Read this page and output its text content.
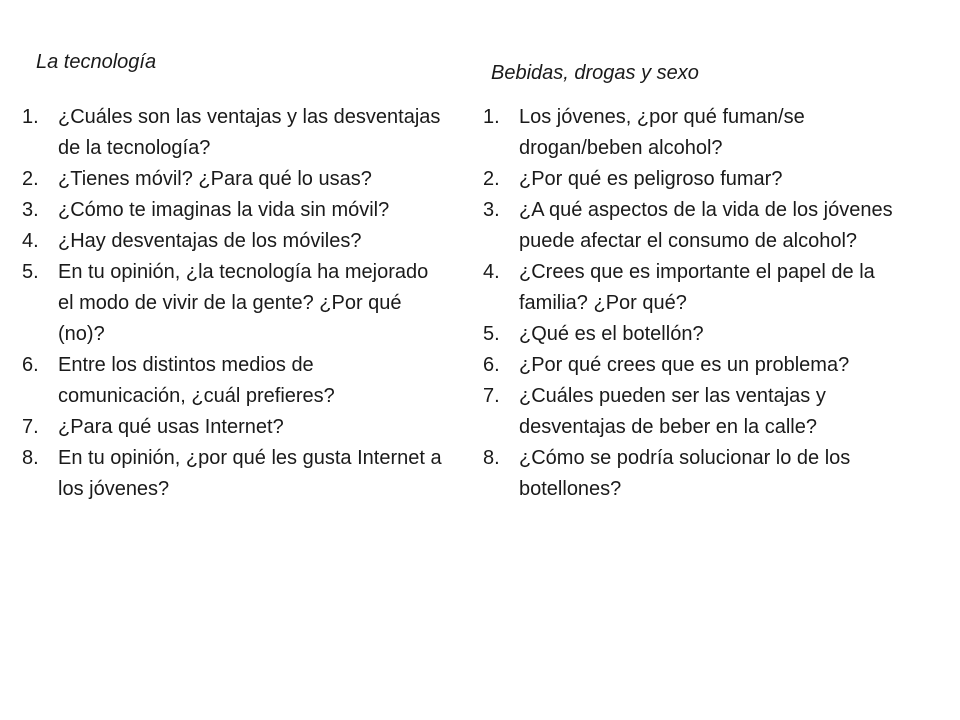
La tecnología	Bebidas, drogas y sexo
1. ¿Cuáles son las ventajas y las desventajas de la tecnología?
2. ¿Tienes móvil? ¿Para qué lo usas?
3. ¿Cómo te imaginas la vida sin móvil?
4. ¿Hay desventajas de los móviles?
5. En tu opinión, ¿la tecnología ha mejorado el modo de vivir de la gente? ¿Por qué (no)?
6. Entre los distintos medios de comunicación, ¿cuál prefieres?
7. ¿Para qué usas Internet?
8. En tu opinión, ¿por qué les gusta Internet a los jóvenes?
1. Los jóvenes, ¿por qué fuman/se drogan/beben alcohol?
2. ¿Por qué es peligroso fumar?
3. ¿A qué aspectos de la vida de los jóvenes puede afectar el consumo de alcohol?
4. ¿Crees que es importante el papel de la familia? ¿Por qué?
5. ¿Qué es el botellón?
6. ¿Por qué crees que es un problema?
7. ¿Cuáles pueden ser las ventajas y desventajas de beber en la calle?
8. ¿Cómo se podría solucionar lo de los botellones?
